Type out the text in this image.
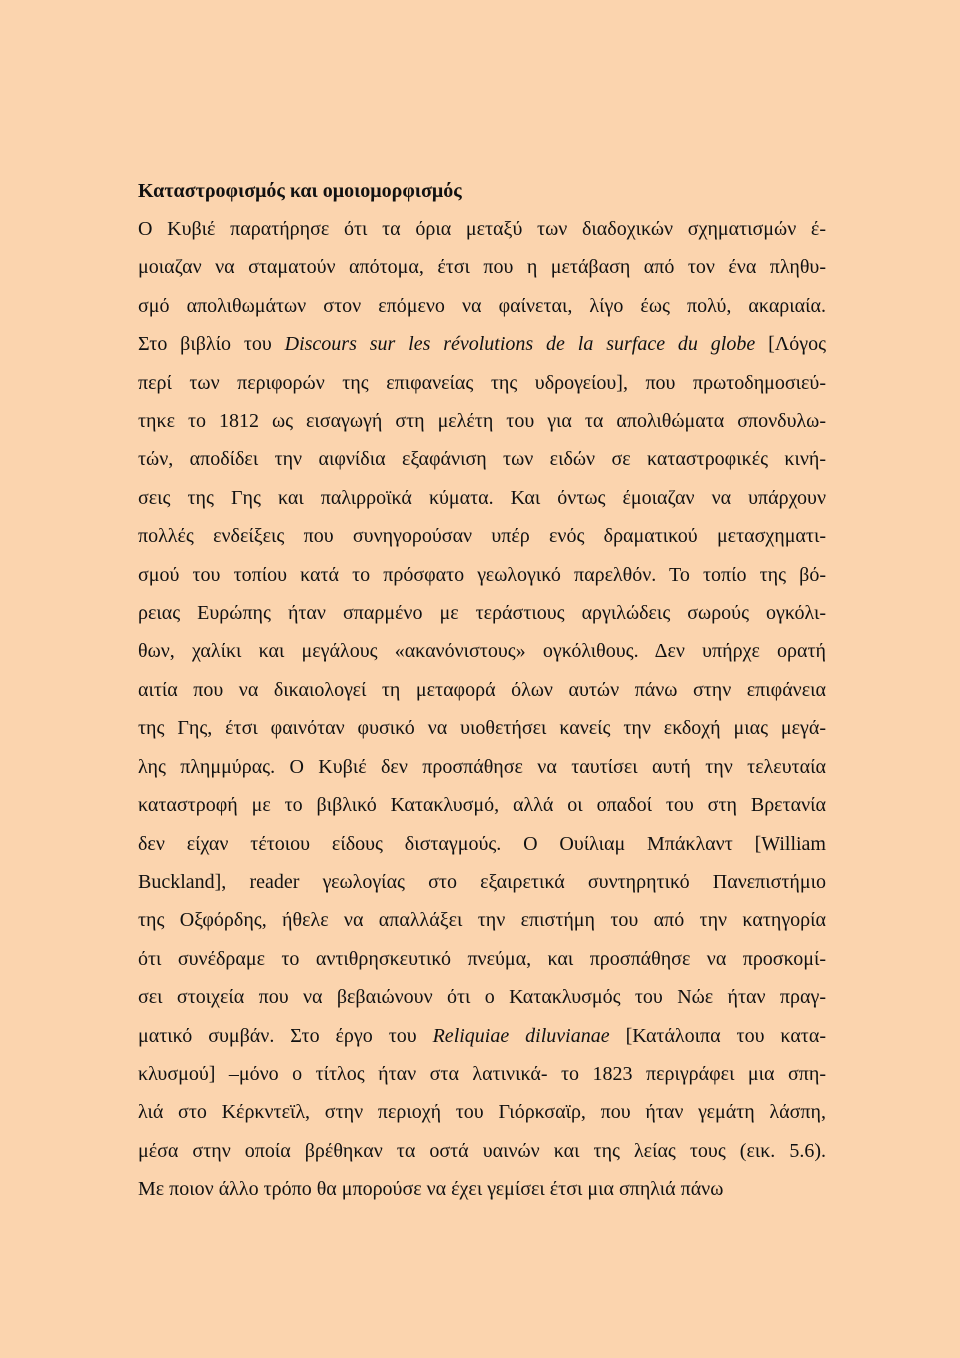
Καταστροφισμός και ομοιομορφισμός
Ο Κυβιέ παρατήρησε ότι τα όρια μεταξύ των διαδοχικών σχηματισμών έ-
μοιαζαν να σταματούν απότομα, έτσι που η μετάβαση από τον ένα πληθυ-
σμό απολιθωμάτων στον επόμενο να φαίνεται, λίγο έως πολύ, ακαριαία.
Στο βιβλίο του Discours sur les révolutions de la surface du globe [Λόγος
περί των περιφορών της επιφανείας της υδρογείου], που πρωτοδημοσιεύ-
τηκε το 1812 ως εισαγωγή στη μελέτη του για τα απολιθώματα σπονδυλω-
τών, αποδίδει την αιφνίδια εξαφάνιση των ειδών σε καταστροφικές κινή-
σεις της Γης και παλιρροϊκά κύματα. Και όντως έμοιαζαν να υπάρχουν
πολλές ενδείξεις που συνηγορούσαν υπέρ ενός δραματικού μετασχηματι-
σμού του τοπίου κατά το πρόσφατο γεωλογικό παρελθόν. Το τοπίο της βό-
ρειας Ευρώπης ήταν σπαρμένο με τεράστιους αργιλώδεις σωρούς ογκόλι-
θων, χαλίκι και μεγάλους «ακανόνιστους» ογκόλιθους. Δεν υπήρχε ορατή
αιτία που να δικαιολογεί τη μεταφορά όλων αυτών πάνω στην επιφάνεια
της Γης, έτσι φαινόταν φυσικό να υιοθετήσει κανείς την εκδοχή μιας μεγά-
λης πλημμύρας. Ο Κυβιέ δεν προσπάθησε να ταυτίσει αυτή την τελευταία
καταστροφή με το βιβλικό Κατακλυσμό, αλλά οι οπαδοί του στη Βρετανία
δεν είχαν τέτοιου είδους δισταγμούς. Ο Ουίλιαμ Μπάκλαντ [William
Buckland], reader γεωλογίας στο εξαιρετικά συντηρητικό Πανεπιστήμιο
της Οξφόρδης, ήθελε να απαλλάξει την επιστήμη του από την κατηγορία
ότι συνέδραμε το αντιθρησκευτικό πνεύμα, και προσπάθησε να προσκομί-
σει στοιχεία που να βεβαιώνουν ότι ο Κατακλυσμός του Νώε ήταν πραγ-
ματικό συμβάν. Στο έργο του Reliquiae diluvianae [Κατάλοιπα του κατα-
κλυσμού] –μόνο ο τίτλος ήταν στα λατινικά- το 1823 περιγράφει μια σπη-
λιά στο Κέρκντεϊλ, στην περιοχή του Γιόρκσαϊρ, που ήταν γεμάτη λάσπη,
μέσα στην οποία βρέθηκαν τα οστά υαινών και της λείας τους (εικ. 5.6).
Με ποιον άλλο τρόπο θα μπορούσε να έχει γεμίσει έτσι μια σπηλιά πάνω
